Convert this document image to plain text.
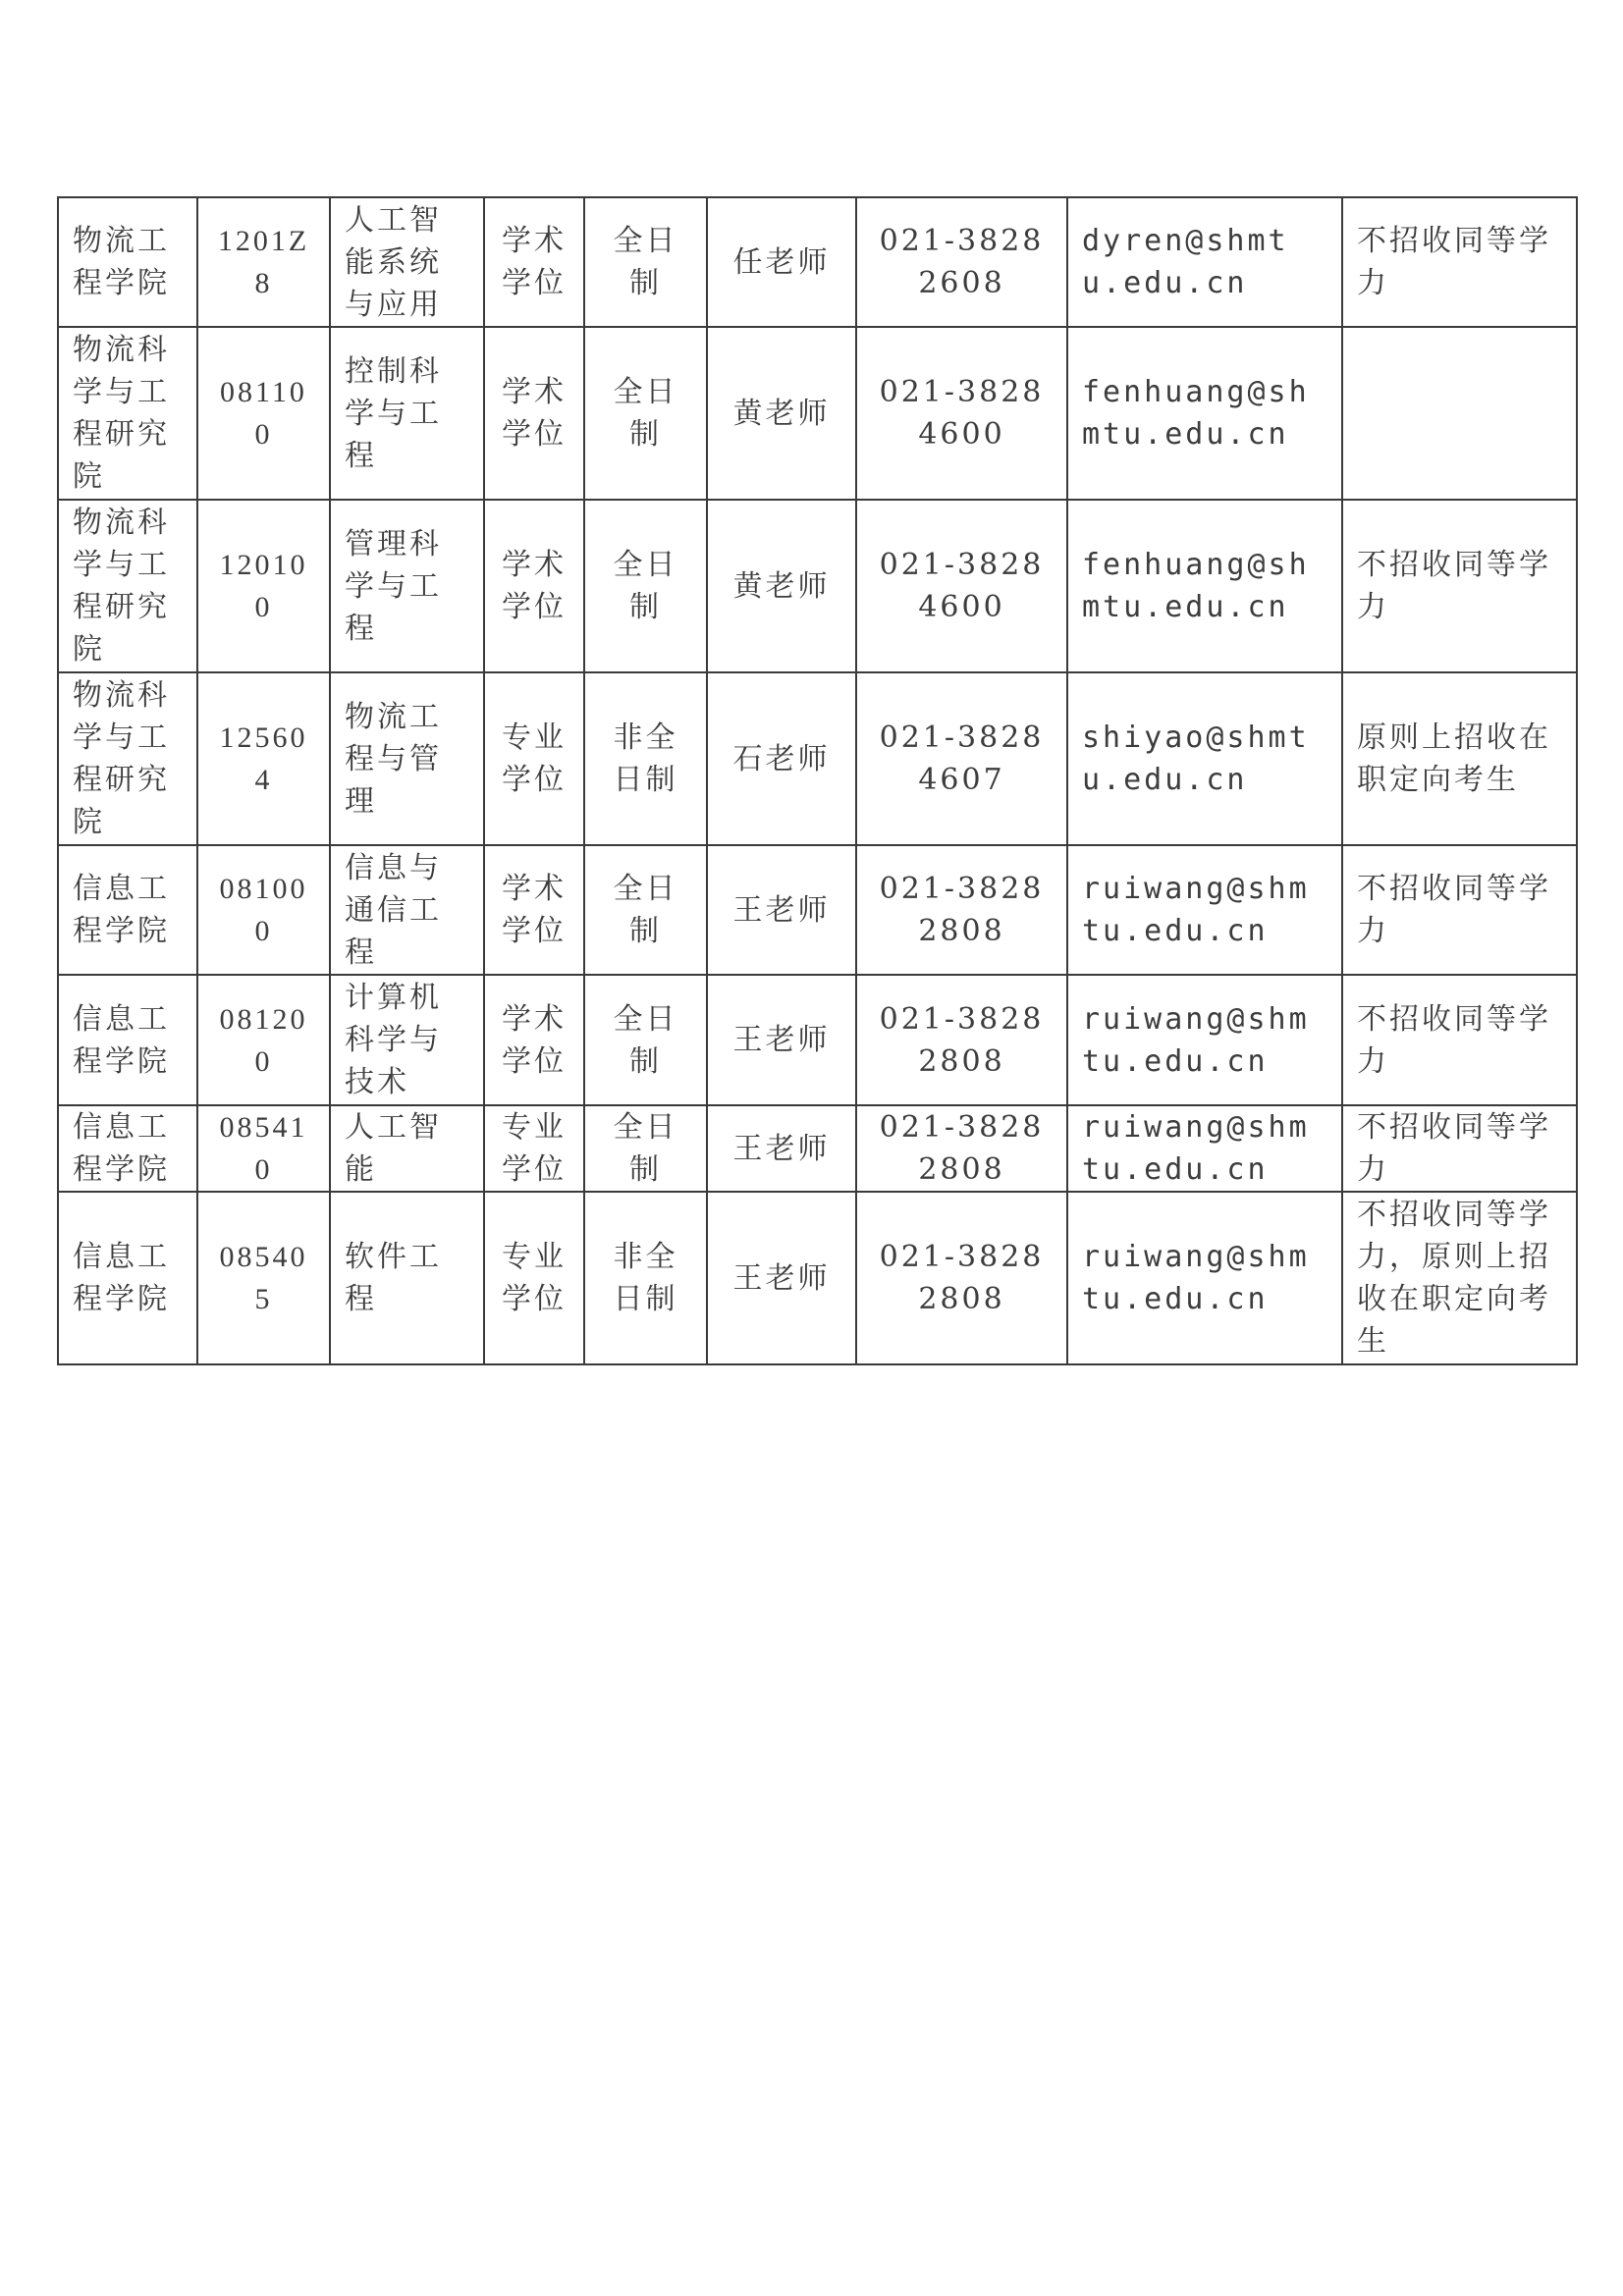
物流工程学院	1201Z8	人工智能系统与应用	学术学位	全日制	任老师	021-38282608	dyren@shmtu.edu.cn	不招收同等学力
物流科学与工程研究院	081100	控制科学与工程	学术学位	全日制	黄老师	021-38284600	fenhuang@shmtu.edu.cn	
物流科学与工程研究院	120100	管理科学与工程	学术学位	全日制	黄老师	021-38284600	fenhuang@shmtu.edu.cn	不招收同等学力
物流科学与工程研究院	125604	物流工程与管理	专业学位	非全日制	石老师	021-38284607	shiyao@shmtu.edu.cn	原则上招收在职定向考生
信息工程学院	081000	信息与通信工程	学术学位	全日制	王老师	021-38282808	ruiwang@shmtu.edu.cn	不招收同等学力
信息工程学院	081200	计算机科学与技术	学术学位	全日制	王老师	021-38282808	ruiwang@shmtu.edu.cn	不招收同等学力
信息工程学院	085410	人工智能	专业学位	全日制	王老师	021-38282808	ruiwang@shmtu.edu.cn	不招收同等学力
信息工程学院	085405	软件工程	专业学位	非全日制	王老师	021-38282808	ruiwang@shmtu.edu.cn	不招收同等学力，原则上招收在职定向考生
